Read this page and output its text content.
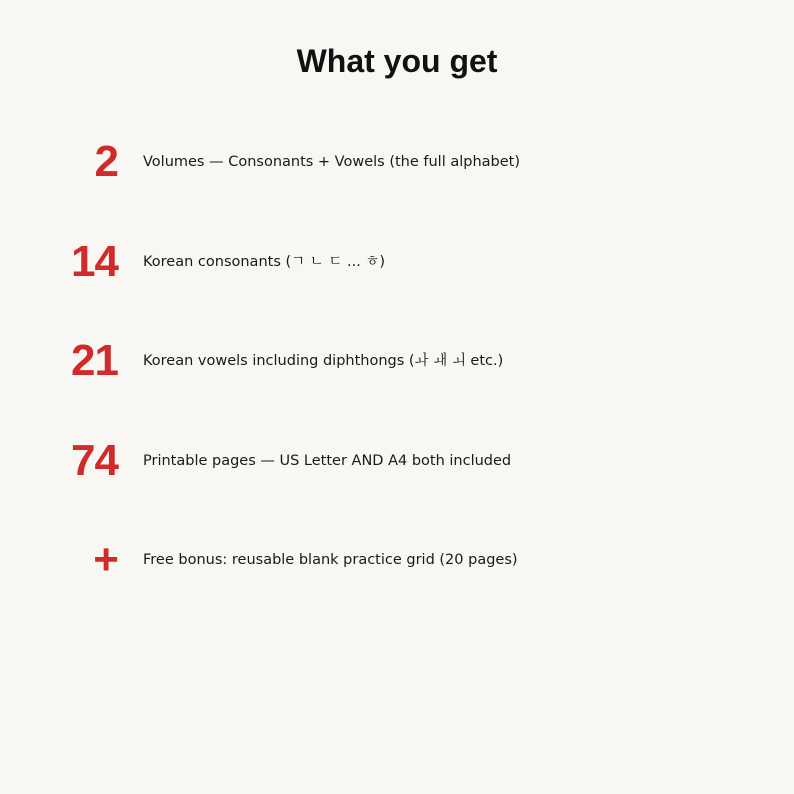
What you get
2 Volumes — Consonants + Vowels (the full alphabet)
14 Korean consonants (ㄱ ㄴ ㄷ ... ㅎ)
21 Korean vowels including diphthongs (ㅘ ㅙ ㅚ etc.)
74 Printable pages — US Letter AND A4 both included
+ Free bonus: reusable blank practice grid (20 pages)
